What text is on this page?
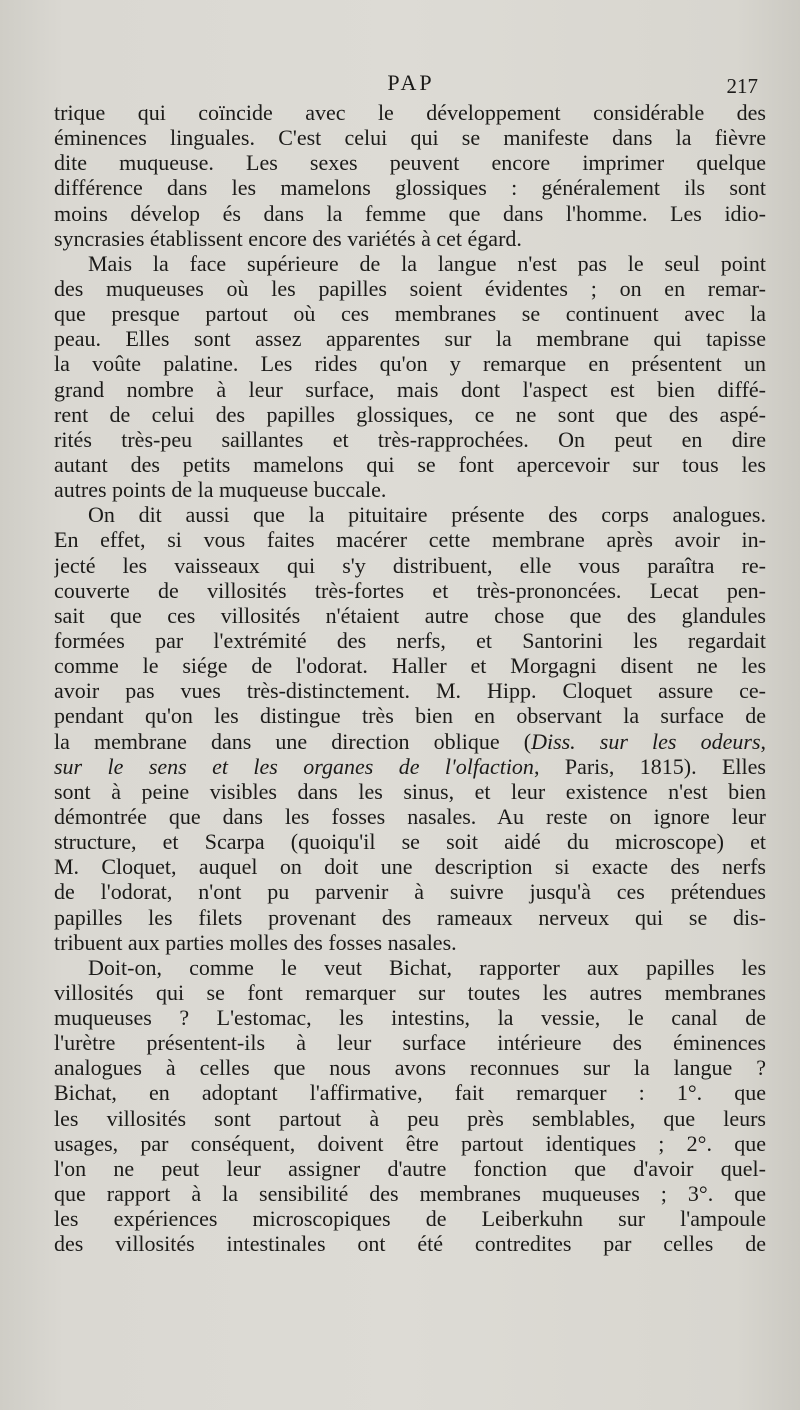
PAP	217
trique qui coïncide avec le développement considérable des
éminences linguales. C'est celui qui se manifeste dans la fièvre
dite muqueuse. Les sexes peuvent encore imprimer quelque
différence dans les mamelons glossiques : généralement ils sont
moins dévelop és dans la femme que dans l'homme. Les idio-
syncrasies établissent encore des variétés à cet égard.
Mais la face supérieure de la langue n'est pas le seul point
des muqueuses où les papilles soient évidentes ; on en remar-
que presque partout où ces membranes se continuent avec la
peau. Elles sont assez apparentes sur la membrane qui tapisse
la voûte palatine. Les rides qu'on y remarque en présentent un
grand nombre à leur surface, mais dont l'aspect est bien diffé-
rent de celui des papilles glossiques, ce ne sont que des aspé-
rités très-peu saillantes et très-rapprochées. On peut en dire
autant des petits mamelons qui se font apercevoir sur tous les
autres points de la muqueuse buccale.
On dit aussi que la pituitaire présente des corps analogues.
En effet, si vous faites macérer cette membrane après avoir in-
jecté les vaisseaux qui s'y distribuent, elle vous paraîtra re-
couverte de villosités très-fortes et très-prononcées. Lecat pen-
sait que ces villosités n'étaient autre chose que des glandules
formées par l'extrémité des nerfs, et Santorini les regardait
comme le siége de l'odorat. Haller et Morgagni disent ne les
avoir pas vues très-distinctement. M. Hipp. Cloquet assure ce-
pendant qu'on les distingue très bien en observant la surface de
la membrane dans une direction oblique (Diss. sur les odeurs,
sur le sens et les organes de l'olfaction, Paris, 1815). Elles
sont à peine visibles dans les sinus, et leur existence n'est bien
démontrée que dans les fosses nasales. Au reste on ignore leur
structure, et Scarpa (quoiqu'il se soit aidé du microscope) et
M. Cloquet, auquel on doit une description si exacte des nerfs
de l'odorat, n'ont pu parvenir à suivre jusqu'à ces prétendues
papilles les filets provenant des rameaux nerveux qui se dis-
tribuent aux parties molles des fosses nasales.
Doit-on, comme le veut Bichat, rapporter aux papilles les
villosités qui se font remarquer sur toutes les autres membranes
muqueuses ? L'estomac, les intestins, la vessie, le canal de
l'urètre présentent-ils à leur surface intérieure des éminences
analogues à celles que nous avons reconnues sur la langue ?
Bichat, en adoptant l'affirmative, fait remarquer : 1°. que
les villosités sont partout à peu près semblables, que leurs
usages, par conséquent, doivent être partout identiques ; 2°. que
l'on ne peut leur assigner d'autre fonction que d'avoir quel-
que rapport à la sensibilité des membranes muqueuses ; 3°. que
les expériences microscopiques de Leiberkuhn sur l'ampoule
des villosités intestinales ont été contredites par celles de
